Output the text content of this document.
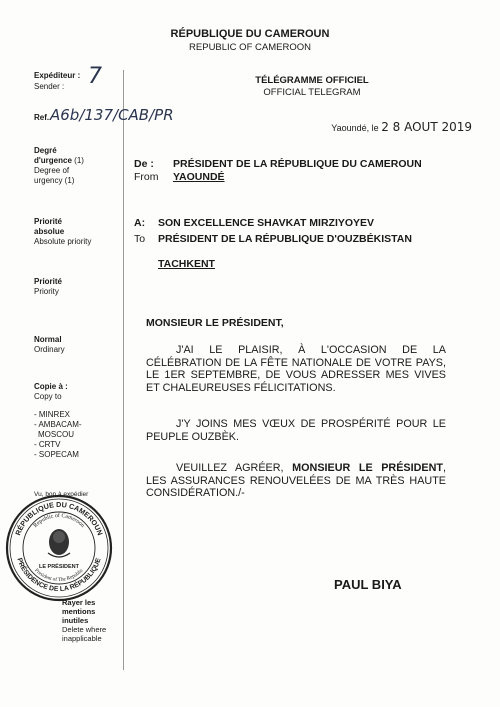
RÉPUBLIQUE DU CAMEROUN
REPUBLIC OF CAMEROON
Expéditeur :
Sender : 7
Ref. A6b/137/CAB/PR
Degré
d'urgence (1)
Degree of
urgency (1)
Priorité
absolue
Absolute priority
Priorité
Priority
Normal
Ordinary
Copie à :
Copy to
- MINREX
- AMBACAM-
MOSCOU
- CRTV
- SOPECAM
Vu, bon à expédier
Rayer les
mentions
inutiles
Delete where
inapplicable
RÉPUBLIQUE DU CAMEROUN
PRÉSIDENCE DE LA RÉPUBLIQUE
Republic of Cameroon
President of The Republic
LE PRÉSIDENT
TÉLÉGRAMME OFFICIEL
OFFICIAL TELEGRAM
Yaoundé, le 2 8 AOUT 2019
De :
From
PRÉSIDENT DE LA RÉPUBLIQUE DU CAMEROUN
YAOUNDÉ
A:
To
SON EXCELLENCE SHAVKAT MIRZIYOYEV
PRÉSIDENT DE LA RÉPUBLIQUE D'OUZBÉKISTAN
TACHKENT
MONSIEUR LE PRÉSIDENT,
J'AI LE PLAISIR, À L'OCCASION DE LA CÉLÉBRATION DE LA FÊTE NATIONALE DE VOTRE PAYS, LE 1ER SEPTEMBRE, DE VOUS ADRESSER MES VIVES ET CHALEUREUSES FÉLICITATIONS.
J'Y JOINS MES VŒUX DE PROSPÉRITÉ POUR LE PEUPLE OUZBÈK.
VEUILLEZ AGRÉER, MONSIEUR LE PRÉSIDENT, LES ASSURANCES RENOUVELÉES DE MA TRÈS HAUTE CONSIDÉRATION./-
PAUL BIYA
